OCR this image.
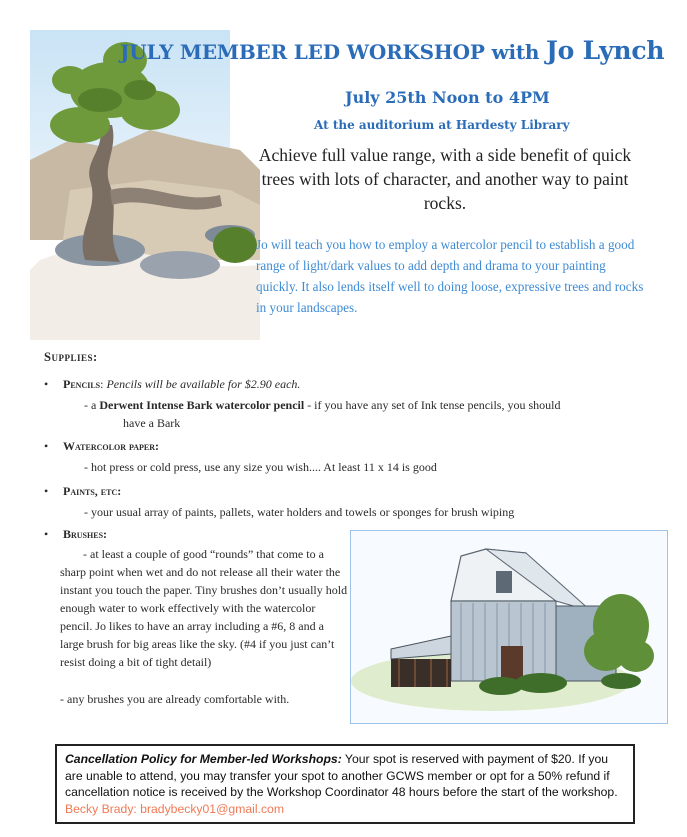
JULY MEMBER LED WORKSHOP with Jo Lynch
July 25th Noon to 4PM
At the auditorium at Hardesty Library
Achieve full value range, with a side benefit of quick trees with lots of character, and another way to paint rocks.
Jo will teach you how to employ a watercolor pencil to establish a good range of light/dark values to add depth and drama to your painting quickly. It also lends itself well to doing loose, expressive trees and rocks in your landscapes.
Supplies:
• Pencils: Pencils will be available for $2.90 each.
- a Derwent Intense Bark watercolor pencil - if you have any set of Ink tense pencils, you should
have a Bark
• Watercolor paper:
- hot press or cold press, use any size you wish.... At least 11 x 14 is good
• Paints, etc:
- your usual array of paints, pallets, water holders and towels or sponges for brush wiping
• Brushes:
- at least a couple of good “rounds” that come to a sharp point when wet and do not release all their water the instant you touch the paper. Tiny brushes don’t usually hold enough water to work effectively with the watercolor pencil. Jo likes to have an array including a #6, 8 and a large brush for big areas like the sky. (#4 if you just can’t resist doing a bit of tight detail)
- any brushes you are already comfortable with.
Cancellation Policy for Member-led Workshops: Your spot is reserved with payment of $20. If you are unable to attend, you may transfer your spot to another GCWS member or opt for a 50% refund if cancellation notice is received by the Workshop Coordinator 48 hours before the start of the workshop. Becky Brady: bradybecky01@gmail.com
